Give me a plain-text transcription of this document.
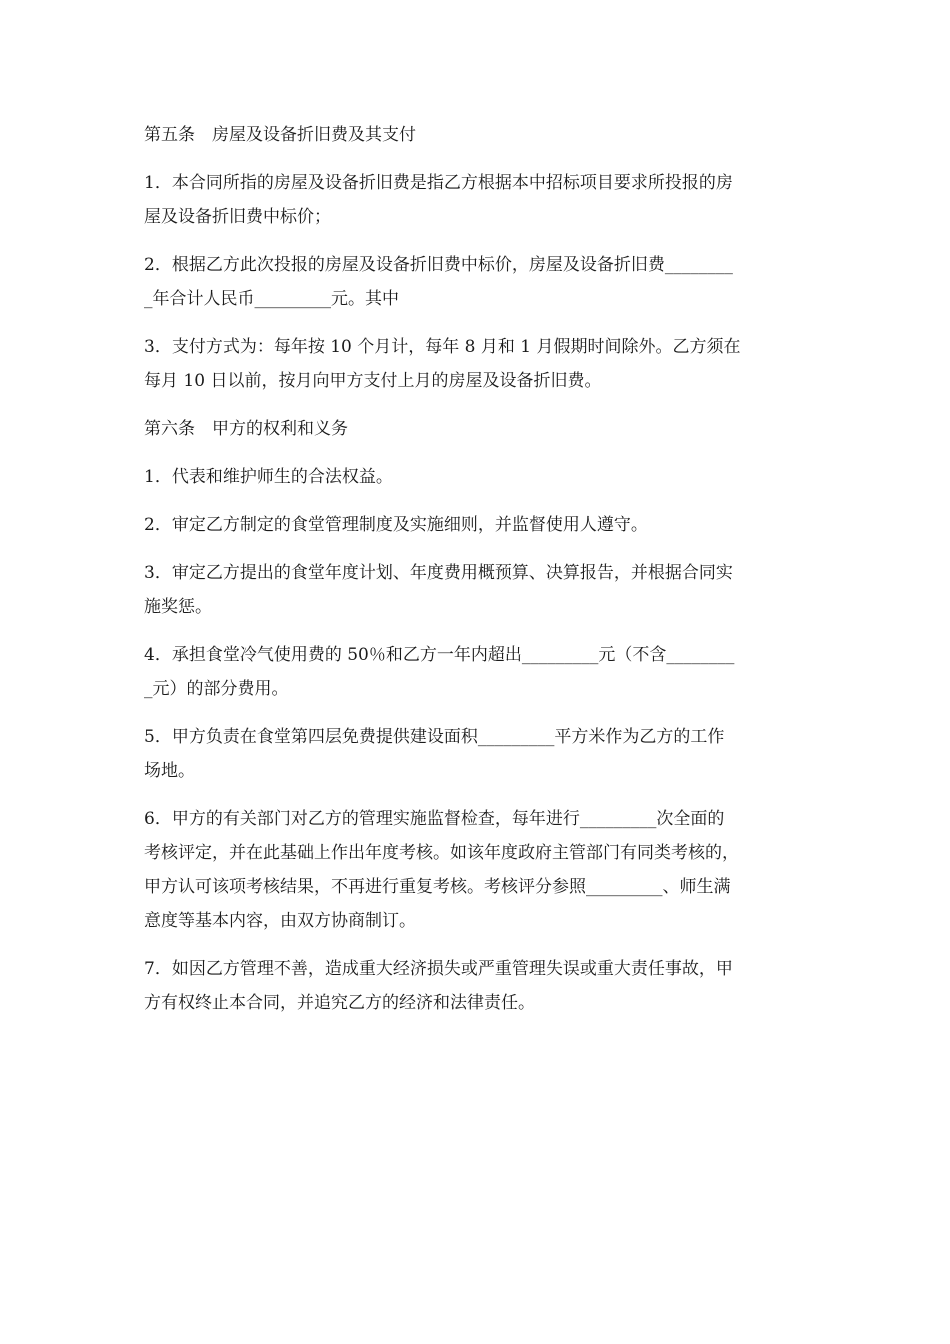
第五条　房屋及设备折旧费及其支付
1．本合同所指的房屋及设备折旧费是指乙方根据本中招标项目要求所投报的房
屋及设备折旧费中标价；
2．根据乙方此次投报的房屋及设备折旧费中标价，房屋及设备折旧费________
_年合计人民币_________元。其中
3．支付方式为：每年按 10 个月计，每年 8 月和 1 月假期时间除外。乙方须在
每月 10 日以前，按月向甲方支付上月的房屋及设备折旧费。
第六条　甲方的权利和义务
1．代表和维护师生的合法权益。
2．审定乙方制定的食堂管理制度及实施细则，并监督使用人遵守。
3．审定乙方提出的食堂年度计划、年度费用概预算、决算报告，并根据合同实
施奖惩。
4．承担食堂冷气使用费的 50％和乙方一年内超出_________元（不含________
_元）的部分费用。
5．甲方负责在食堂第四层免费提供建设面积_________平方米作为乙方的工作
场地。
6．甲方的有关部门对乙方的管理实施监督检查，每年进行_________次全面的
考核评定，并在此基础上作出年度考核。如该年度政府主管部门有同类考核的，
甲方认可该项考核结果，不再进行重复考核。考核评分参照_________、师生满
意度等基本内容，由双方协商制订。
7．如因乙方管理不善，造成重大经济损失或严重管理失误或重大责任事故，甲
方有权终止本合同，并追究乙方的经济和法律责任。
